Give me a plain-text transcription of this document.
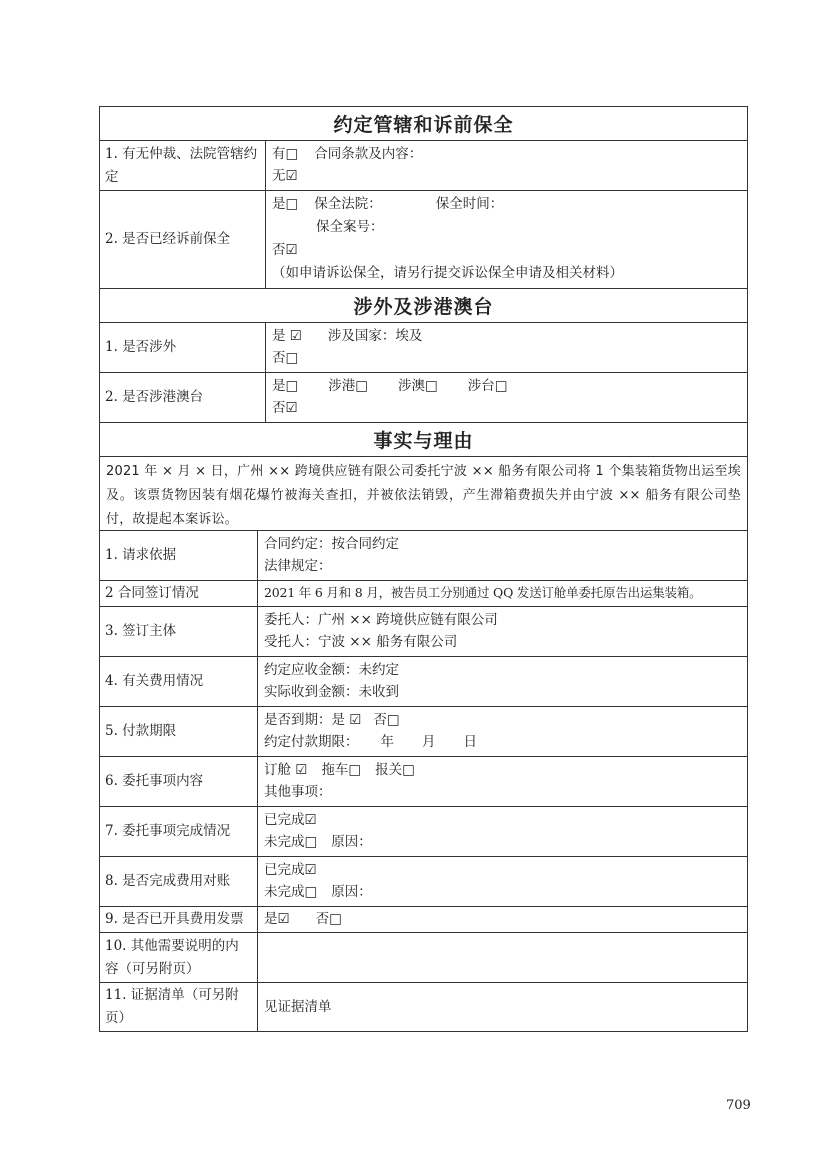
约定管辖和诉前保全
1. 有无仲裁、法院管辖约定
有□ 合同条款及内容：
无☑
2. 是否已经诉前保全
是□ 保全法院：	保全时间：
保全案号：
否☑
（如申请诉讼保全，请另行提交诉讼保全申请及相关材料）
涉外及涉港澳台
1. 是否涉外
是 ☑ 涉及国家：埃及
否□
2. 是否涉港澳台
是□ 涉港□ 涉澳□ 涉台□
否☑
事实与理由
2021 年 × 月 × 日，广州 ×× 跨境供应链有限公司委托宁波 ×× 船务有限公司将 1 个集装箱货物出运至埃及。该票货物因装有烟花爆竹被海关查扣，并被依法销毁，产生滞箱费损失并由宁波 ×× 船务有限公司垫付，故提起本案诉讼。
1. 请求依据
合同约定：按合同约定
法律规定：
2 合同签订情况	2021 年 6 月和 8 月，被告员工分别通过 QQ 发送订舱单委托原告出运集装箱。
3. 签订主体
委托人：广州 ×× 跨境供应链有限公司
受托人：宁波 ×× 船务有限公司
4. 有关费用情况
约定应收金额：未约定
实际收到金额：未收到
5. 付款期限
是否到期：是 ☑ 否□
约定付款期限： 年 月 日
6. 委托事项内容
订舱 ☑ 拖车□ 报关□
其他事项：
7. 委托事项完成情况
已完成☑
未完成□ 原因：
8. 是否完成费用对账
已完成☑
未完成□ 原因：
9. 是否已开具费用发票	是☑ 否□
10. 其他需要说明的内容（可另附页）
11. 证据清单（可另附页）
见证据清单
709
